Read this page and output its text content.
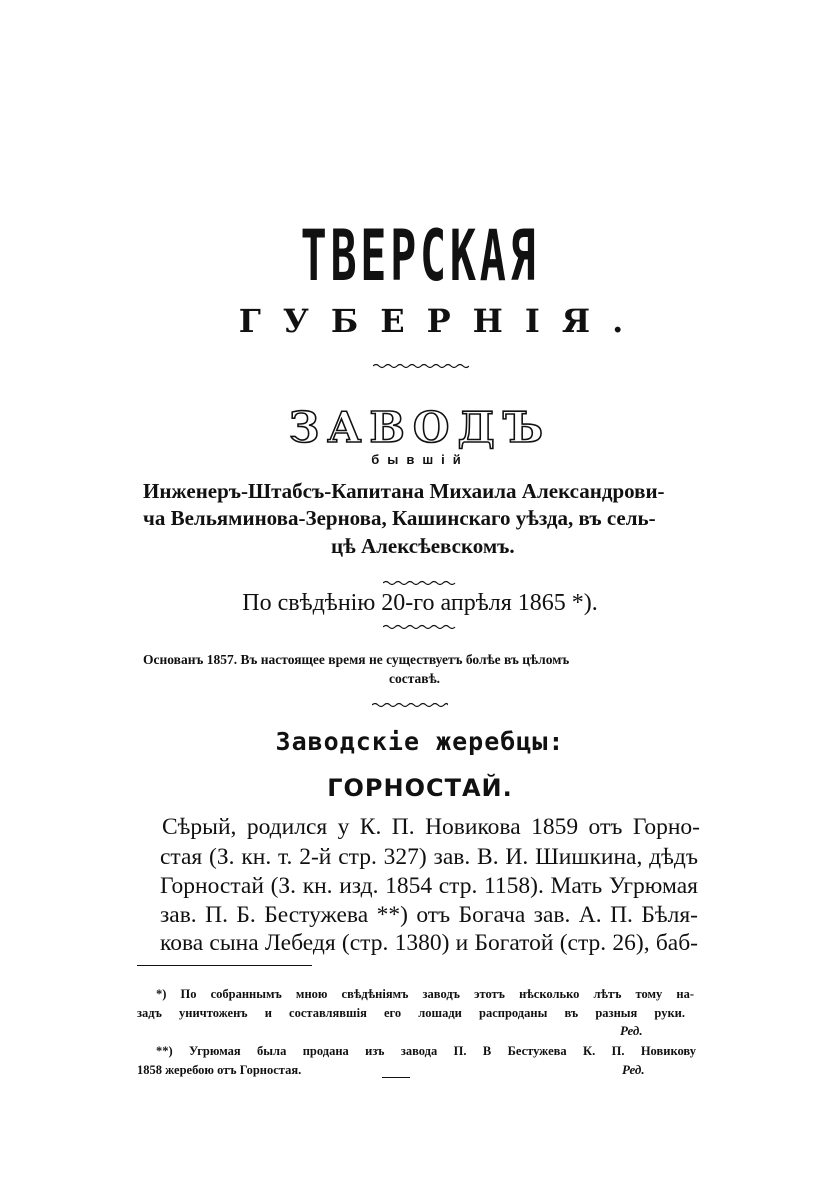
ТВЕРСКАЯ
ГУБЕРНІЯ.
ЗАВОДЪ
бывшій
Инженеръ-Штабсъ-Капитана Михаила Александрови-
ча Вельяминова-Зернова, Кашинскаго уѣзда, въ сель-
цѣ Алексѣевскомъ.
По свѣдѣнію 20-го апрѣля 1865 *).
Основанъ 1857. Въ настоящее время не существуетъ болѣе въ цѣломъ
составѣ.
Заводскіе жеребцы:
ГОРНОСТАЙ.
Сѣрый, родился у К. П. Новикова 1859 отъ Горно-
стая (З. кн. т. 2-й стр. 327) зав. В. И. Шишкина, дѣдъ
Горностай (З. кн. изд. 1854 стр. 1158). Мать Угрюмая
зав. П. Б. Бестужева **) отъ Богача зав. А. П. Бѣля-
кова сына Лебедя (стр. 1380) и Богатой (стр. 26), баб-
*) По собраннымъ мною свѣдѣніямъ заводъ этотъ нѣсколько лѣтъ тому на-
задъ уничтоженъ и составлявшія его лошади распроданы въ разныя руки.
Ред.
**) Угрюмая была продана изъ завода П. В Бестужева К. П. Новикову
1858 жеребою отъ Горностая.	Ред.
